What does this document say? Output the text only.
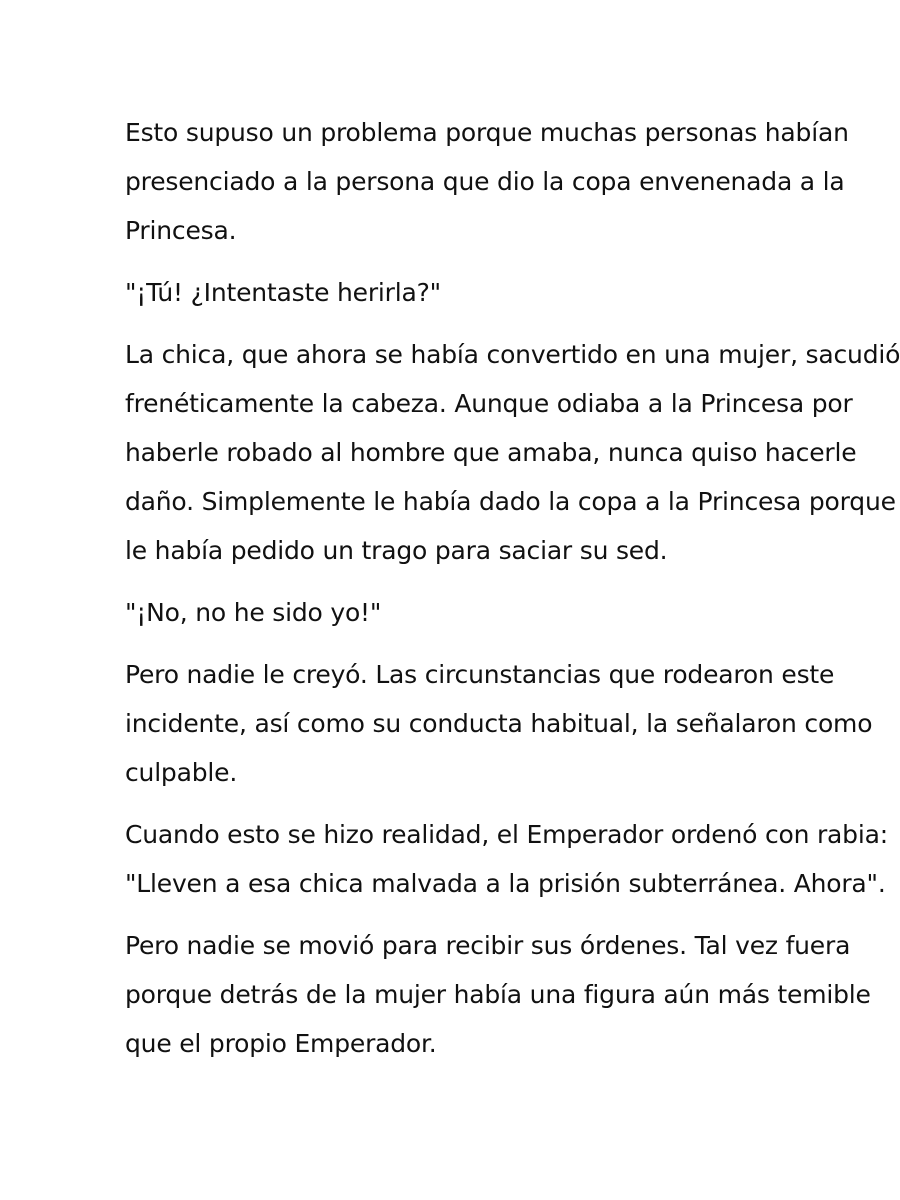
Esto supuso un problema porque muchas personas habían
presenciado a la persona que dio la copa envenenada a la
Princesa.

"¡Tú! ¿Intentaste herirla?"

La chica, que ahora se había convertido en una mujer, sacudió
frenéticamente la cabeza. Aunque odiaba a la Princesa por
haberle robado al hombre que amaba, nunca quiso hacerle
daño. Simplemente le había dado la copa a la Princesa porque
le había pedido un trago para saciar su sed.

"¡No, no he sido yo!"

Pero nadie le creyó. Las circunstancias que rodearon este
incidente, así como su conducta habitual, la señalaron como
culpable.

Cuando esto se hizo realidad, el Emperador ordenó con rabia:
"Lleven a esa chica malvada a la prisión subterránea. Ahora".

Pero nadie se movió para recibir sus órdenes. Tal vez fuera
porque detrás de la mujer había una figura aún más temible
que el propio Emperador.
